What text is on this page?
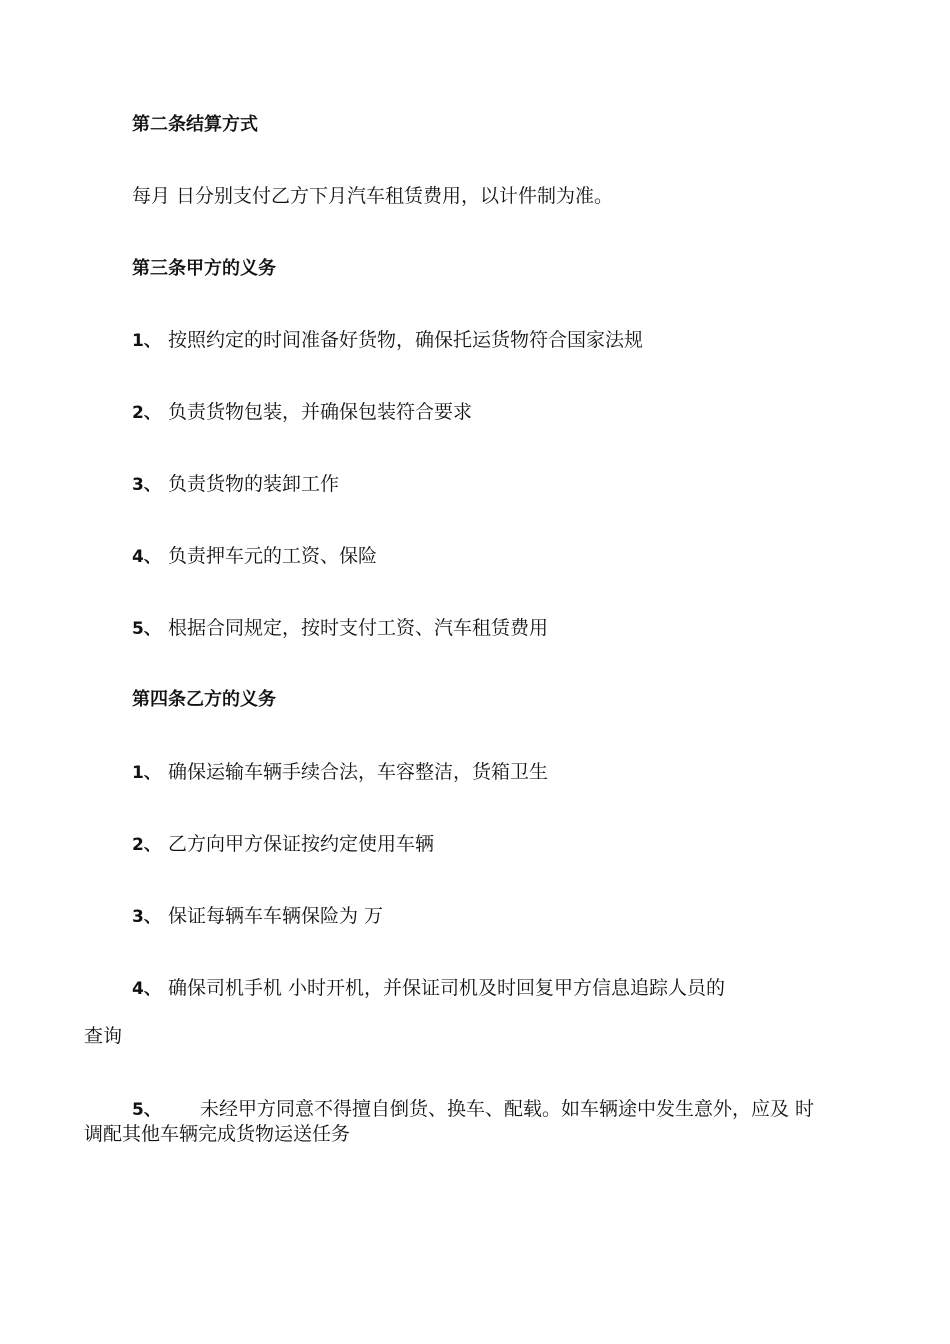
第二条结算方式
每月 日分别支付乙方下月汽车租赁费用，以计件制为准。
第三条甲方的义务
1、 按照约定的时间准备好货物，确保托运货物符合国家法规
2、 负责货物包装，并确保包装符合要求
3、 负责货物的装卸工作
4、 负责押车元的工资、保险
5、 根据合同规定，按时支付工资、汽车租赁费用
第四条乙方的义务
1、 确保运输车辆手续合法，车容整洁，货箱卫生
2、 乙方向甲方保证按约定使用车辆
3、 保证每辆车车辆保险为 万
4、 确保司机手机 小时开机，并保证司机及时回复甲方信息追踪人员的
查询
5、 未经甲方同意不得擅自倒货、换车、配载。如车辆途中发生意外，应及 时
调配其他车辆完成货物运送任务
